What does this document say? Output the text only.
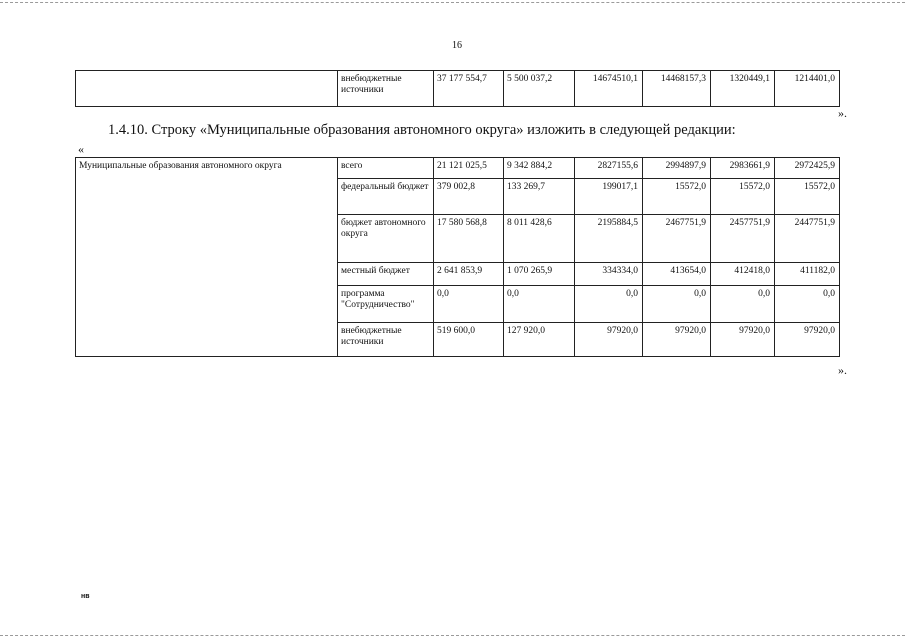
16
	внебюджетные источники	37 177 554,7	5 500 037,2	14674510,1	14468157,3	1320449,1	1214401,0
».
1.4.10. Строку «Муниципальные образования автономного округа» изложить в следующей редакции:
«
Муниципальные образования автономного округа	всего	21 121 025,5	9 342 884,2	2827155,6	2994897,9	2983661,9	2972425,9
	федеральный бюджет	379 002,8	133 269,7	199017,1	15572,0	15572,0	15572,0
	бюджет автономного округа	17 580 568,8	8 011 428,6	2195884,5	2467751,9	2457751,9	2447751,9
	местный бюджет	2 641 853,9	1 070 265,9	334334,0	413654,0	412418,0	411182,0
	программа "Сотрудничество"	0,0	0,0	0,0	0,0	0,0	0,0
	внебюджетные источники	519 600,0	127 920,0	97920,0	97920,0	97920,0	97920,0
».
нв
